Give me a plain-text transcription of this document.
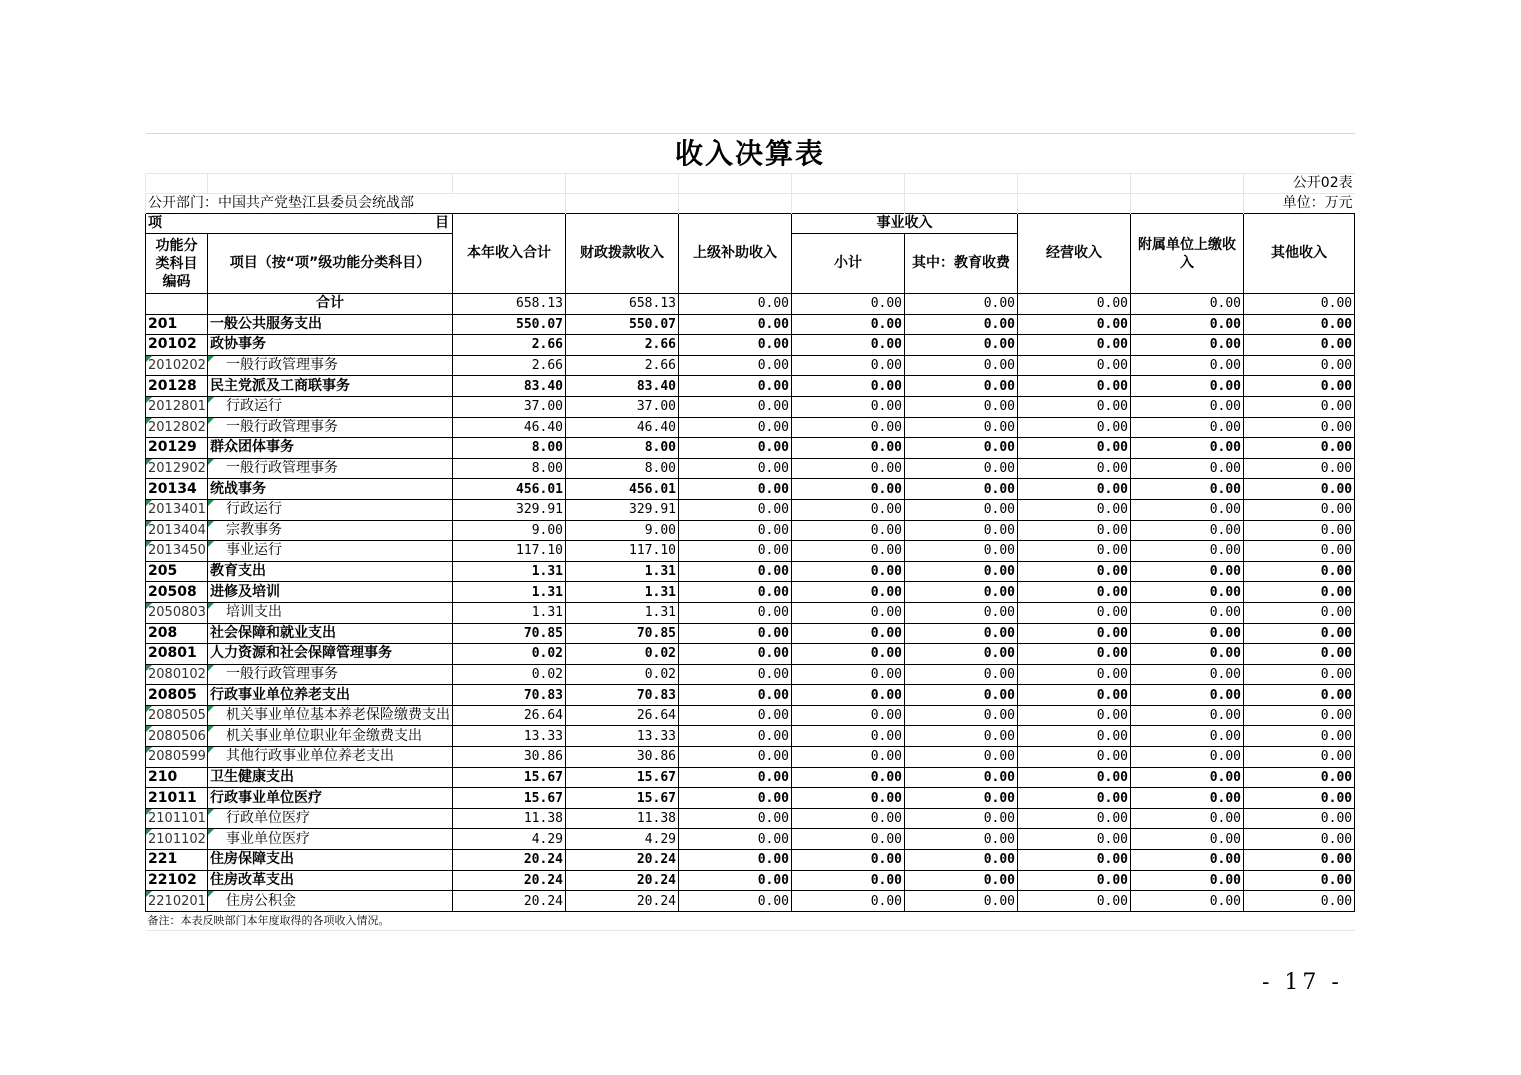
收入决算表									
									公开02表
公开部门：中国共产党垫江县委员会统战部									单位：万元

项 目		本年收入合计	财政拨款收入	上级补助收入	事业收入		经营收入	附属单位上缴收入	其他收入
功能分类科目编码	项目（按“项”级功能分类科目）				小计	其中：教育收费			

	合计	658.13	658.13	0.00	0.00	0.00	0.00	0.00	0.00
201	一般公共服务支出	550.07	550.07	0.00	0.00	0.00	0.00	0.00	0.00
20102	政协事务	2.66	2.66	0.00	0.00	0.00	0.00	0.00	0.00
2010202	一般行政管理事务	2.66	2.66	0.00	0.00	0.00	0.00	0.00	0.00
20128	民主党派及工商联事务	83.40	83.40	0.00	0.00	0.00	0.00	0.00	0.00
2012801	行政运行	37.00	37.00	0.00	0.00	0.00	0.00	0.00	0.00
2012802	一般行政管理事务	46.40	46.40	0.00	0.00	0.00	0.00	0.00	0.00
20129	群众团体事务	8.00	8.00	0.00	0.00	0.00	0.00	0.00	0.00
2012902	一般行政管理事务	8.00	8.00	0.00	0.00	0.00	0.00	0.00	0.00
20134	统战事务	456.01	456.01	0.00	0.00	0.00	0.00	0.00	0.00
2013401	行政运行	329.91	329.91	0.00	0.00	0.00	0.00	0.00	0.00
2013404	宗教事务	9.00	9.00	0.00	0.00	0.00	0.00	0.00	0.00
2013450	事业运行	117.10	117.10	0.00	0.00	0.00	0.00	0.00	0.00
205	教育支出	1.31	1.31	0.00	0.00	0.00	0.00	0.00	0.00
20508	进修及培训	1.31	1.31	0.00	0.00	0.00	0.00	0.00	0.00
2050803	培训支出	1.31	1.31	0.00	0.00	0.00	0.00	0.00	0.00
208	社会保障和就业支出	70.85	70.85	0.00	0.00	0.00	0.00	0.00	0.00
20801	人力资源和社会保障管理事务	0.02	0.02	0.00	0.00	0.00	0.00	0.00	0.00
2080102	一般行政管理事务	0.02	0.02	0.00	0.00	0.00	0.00	0.00	0.00
20805	行政事业单位养老支出	70.83	70.83	0.00	0.00	0.00	0.00	0.00	0.00
2080505	机关事业单位基本养老保险缴费支出	26.64	26.64	0.00	0.00	0.00	0.00	0.00	0.00
2080506	机关事业单位职业年金缴费支出	13.33	13.33	0.00	0.00	0.00	0.00	0.00	0.00
2080599	其他行政事业单位养老支出	30.86	30.86	0.00	0.00	0.00	0.00	0.00	0.00
210	卫生健康支出	15.67	15.67	0.00	0.00	0.00	0.00	0.00	0.00
21011	行政事业单位医疗	15.67	15.67	0.00	0.00	0.00	0.00	0.00	0.00
2101101	行政单位医疗	11.38	11.38	0.00	0.00	0.00	0.00	0.00	0.00
2101102	事业单位医疗	4.29	4.29	0.00	0.00	0.00	0.00	0.00	0.00
221	住房保障支出	20.24	20.24	0.00	0.00	0.00	0.00	0.00	0.00
22102	住房改革支出	20.24	20.24	0.00	0.00	0.00	0.00	0.00	0.00
2210201	住房公积金	20.24	20.24	0.00	0.00	0.00	0.00	0.00	0.00
备注：本表反映部门本年度取得的各项收入情况。									
- 17 -
